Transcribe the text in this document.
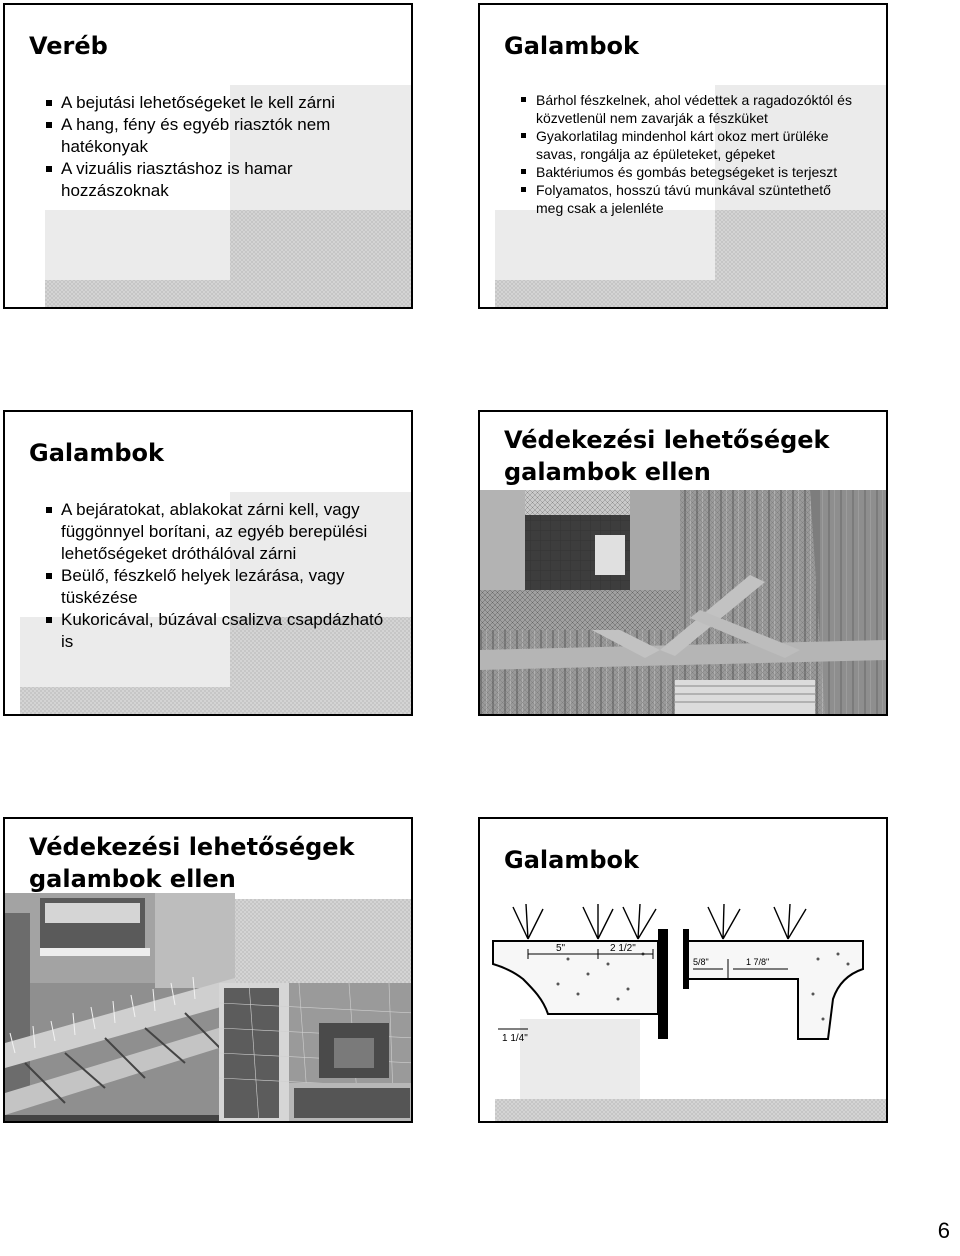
Veréb
A bejutási lehetőségeket le kell zárni
A hang, fény és egyéb riasztók nem hatékonyak
A vizuális riasztáshoz is hamar hozzászoknak
Galambok
Bárhol fészkelnek, ahol védettek a ragadozóktól és közvetlenül nem zavarják a fészküket
Gyakorlatilag mindenhol kárt okoz mert ürüléke savas, rongálja az épületeket, gépeket
Baktériumos és gombás betegségeket is terjeszt
Folyamatos, hosszú távú munkával szüntethető meg csak a jelenléte
Galambok
A bejáratokat, ablakokat zárni kell, vagy függönnyel borítani, az egyéb berepülési lehetőségeket dróthálóval zárni
Beülő, fészkelő helyek lezárása, vagy tüskézése
Kukoricával, búzával csalizva csapdázható is
Védekezési lehetőségek
galambok ellen
Védekezési lehetőségek
galambok ellen
Galambok
5"	2 1/2"
1 1/4"
5/8"	1 7/8"
6
